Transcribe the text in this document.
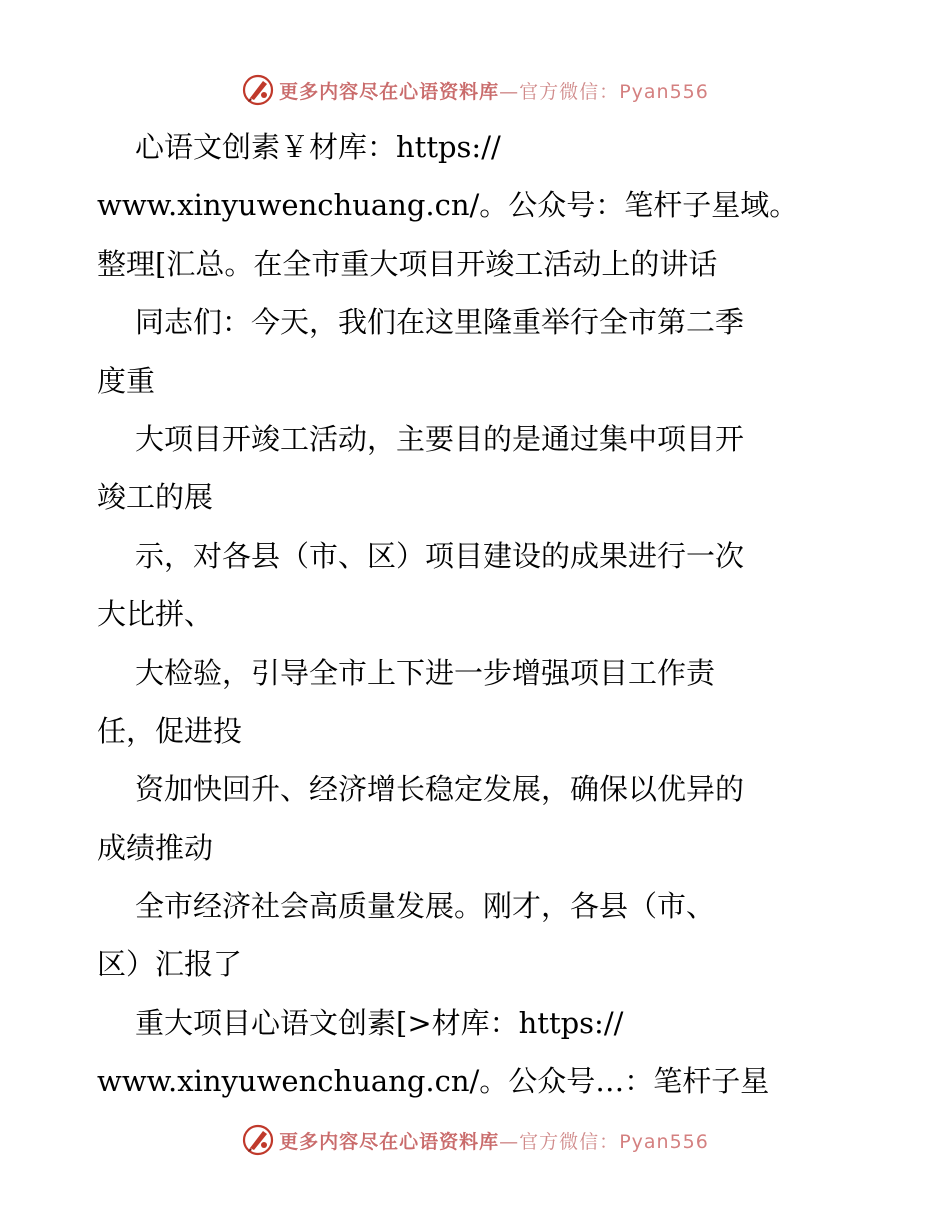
更多内容尽在心语资料库—官方微信：Pyan556
心语文创素￥材库：https://
www.xinyuwenchuang.cn/。公众号：笔杆子星域。
整理[汇总。在全市重大项目开竣工活动上的讲话
同志们：今天，我们在这里隆重举行全市第二季
度重
大项目开竣工活动，主要目的是通过集中项目开
竣工的展
示，对各县（市、区）项目建设的成果进行一次
大比拼、
大检验，引导全市上下进一步增强项目工作责
任，促进投
资加快回升、经济增长稳定发展，确保以优异的
成绩推动
全市经济社会高质量发展。刚才，各县（市、
区）汇报了
重大项目心语文创素[>材库：https://
www.xinyuwenchuang.cn/。公众号…：笔杆子星
更多内容尽在心语资料库—官方微信：Pyan556
